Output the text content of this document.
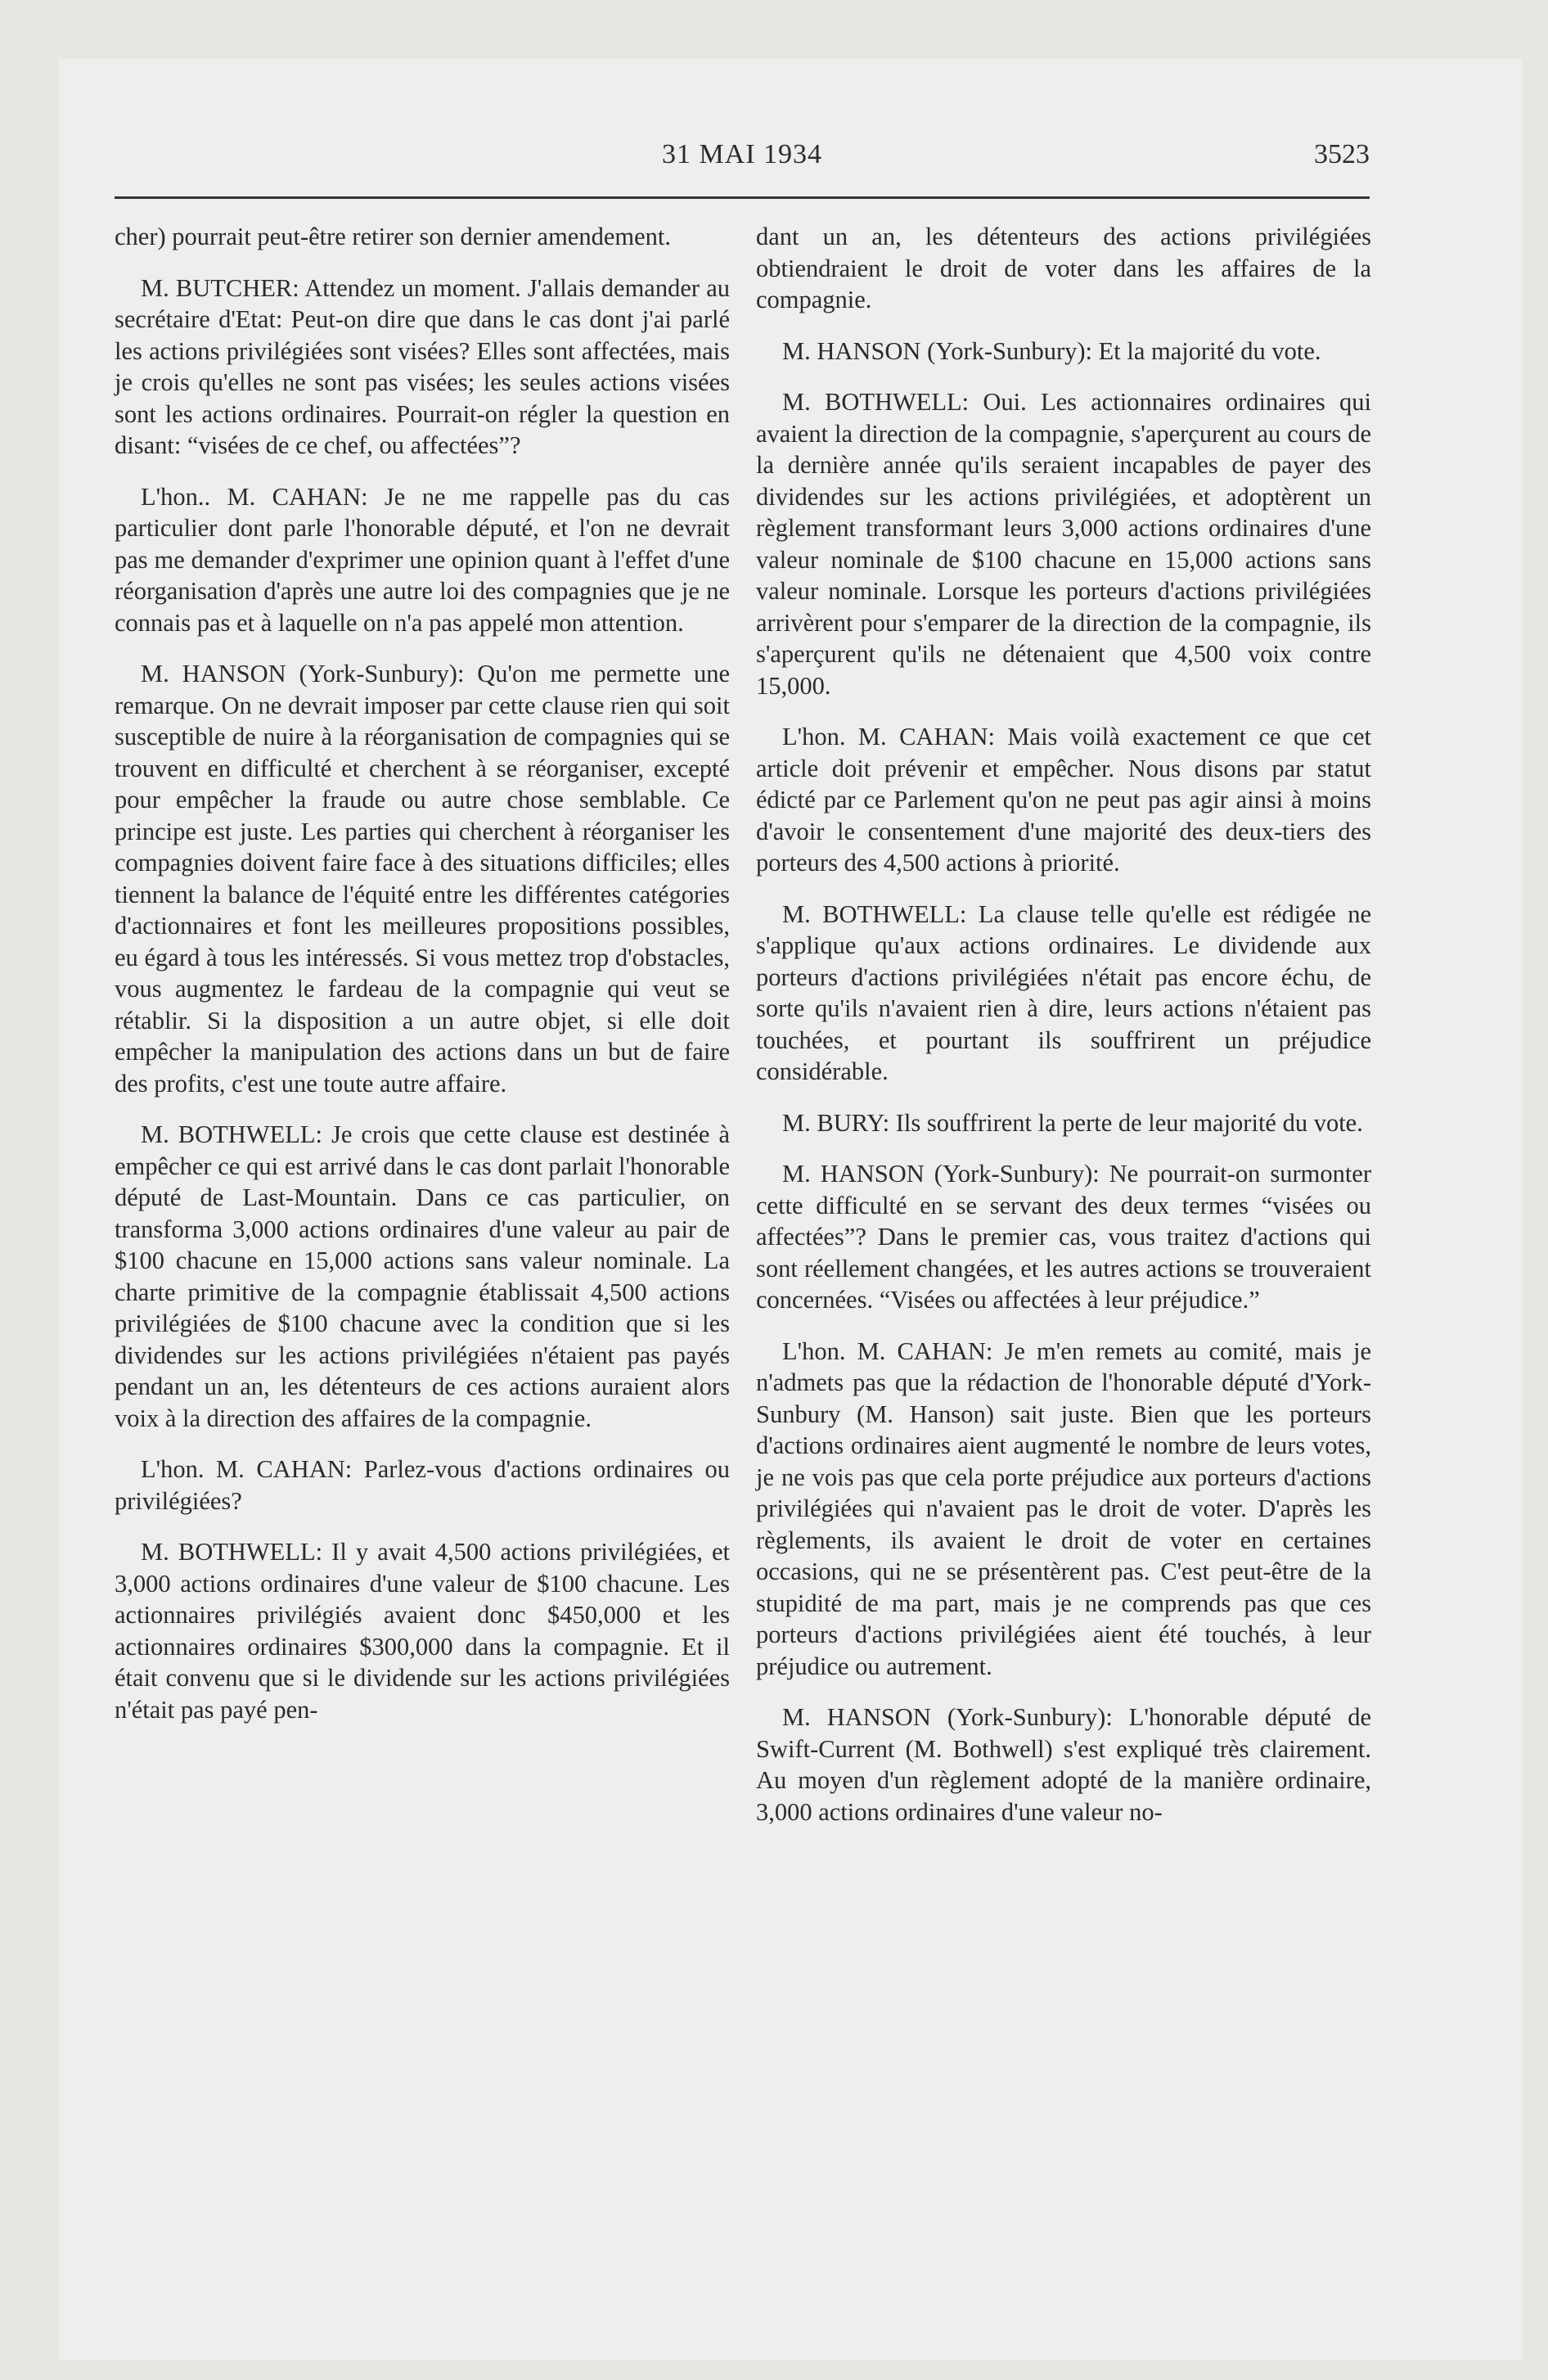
31 MAI 1934	3523

cher) pourrait peut-être retirer son dernier amendement.

M. BUTCHER: Attendez un moment. J'allais demander au secrétaire d'Etat: Peut-on dire que dans le cas dont j'ai parlé les actions privilégiées sont visées? Elles sont affectées, mais je crois qu'elles ne sont pas visées; les seules actions visées sont les actions ordinaires. Pourrait-on régler la question en disant: “visées de ce chef, ou affectées”?

L'hon.. M. CAHAN: Je ne me rappelle pas du cas particulier dont parle l'honorable député, et l'on ne devrait pas me demander d'exprimer une opinion quant à l'effet d'une réorganisation d'après une autre loi des compagnies que je ne connais pas et à laquelle on n'a pas appelé mon attention.

M. HANSON (York-Sunbury): Qu'on me permette une remarque. On ne devrait imposer par cette clause rien qui soit susceptible de nuire à la réorganisation de compagnies qui se trouvent en difficulté et cherchent à se réorganiser, excepté pour empêcher la fraude ou autre chose semblable. Ce principe est juste. Les parties qui cherchent à réorganiser les compagnies doivent faire face à des situations difficiles; elles tiennent la balance de l'équité entre les différentes catégories d'actionnaires et font les meilleures propositions possibles, eu égard à tous les intéressés. Si vous mettez trop d'obstacles, vous augmentez le fardeau de la compagnie qui veut se rétablir. Si la disposition a un autre objet, si elle doit empêcher la manipulation des actions dans un but de faire des profits, c'est une toute autre affaire.

M. BOTHWELL: Je crois que cette clause est destinée à empêcher ce qui est arrivé dans le cas dont parlait l'honorable député de Last-Mountain. Dans ce cas particulier, on transforma 3,000 actions ordinaires d'une valeur au pair de $100 chacune en 15,000 actions sans valeur nominale. La charte primitive de la compagnie établissait 4,500 actions privilégiées de $100 chacune avec la condition que si les dividendes sur les actions privilégiées n'étaient pas payés pendant un an, les détenteurs de ces actions auraient alors voix à la direction des affaires de la compagnie.

L'hon. M. CAHAN: Parlez-vous d'actions ordinaires ou privilégiées?

M. BOTHWELL: Il y avait 4,500 actions privilégiées, et 3,000 actions ordinaires d'une valeur de $100 chacune. Les actionnaires privilégiés avaient donc $450,000 et les actionnaires ordinaires $300,000 dans la compagnie. Et il était convenu que si le dividende sur les actions privilégiées n'était pas payé pen-

dant un an, les détenteurs des actions privilégiées obtiendraient le droit de voter dans les affaires de la compagnie.

M. HANSON (York-Sunbury): Et la majorité du vote.

M. BOTHWELL: Oui. Les actionnaires ordinaires qui avaient la direction de la compagnie, s'aperçurent au cours de la dernière année qu'ils seraient incapables de payer des dividendes sur les actions privilégiées, et adoptèrent un règlement transformant leurs 3,000 actions ordinaires d'une valeur nominale de $100 chacune en 15,000 actions sans valeur nominale. Lorsque les porteurs d'actions privilégiées arrivèrent pour s'emparer de la direction de la compagnie, ils s'aperçurent qu'ils ne détenaient que 4,500 voix contre 15,000.

L'hon. M. CAHAN: Mais voilà exactement ce que cet article doit prévenir et empêcher. Nous disons par statut édicté par ce Parlement qu'on ne peut pas agir ainsi à moins d'avoir le consentement d'une majorité des deux-tiers des porteurs des 4,500 actions à priorité.

M. BOTHWELL: La clause telle qu'elle est rédigée ne s'applique qu'aux actions ordinaires. Le dividende aux porteurs d'actions privilégiées n'était pas encore échu, de sorte qu'ils n'avaient rien à dire, leurs actions n'étaient pas touchées, et pourtant ils souffrirent un préjudice considérable.

M. BURY: Ils souffrirent la perte de leur majorité du vote.

M. HANSON (York-Sunbury): Ne pourrait-on surmonter cette difficulté en se servant des deux termes “visées ou affectées”? Dans le premier cas, vous traitez d'actions qui sont réellement changées, et les autres actions se trouveraient concernées. “Visées ou affectées à leur préjudice.”

L'hon. M. CAHAN: Je m'en remets au comité, mais je n'admets pas que la rédaction de l'honorable député d'York-Sunbury (M. Hanson) sait juste. Bien que les porteurs d'actions ordinaires aient augmenté le nombre de leurs votes, je ne vois pas que cela porte préjudice aux porteurs d'actions privilégiées qui n'avaient pas le droit de voter. D'après les règlements, ils avaient le droit de voter en certaines occasions, qui ne se présentèrent pas. C'est peut-être de la stupidité de ma part, mais je ne comprends pas que ces porteurs d'actions privilégiées aient été touchés, à leur préjudice ou autrement.

M. HANSON (York-Sunbury): L'honorable député de Swift-Current (M. Bothwell) s'est expliqué très clairement. Au moyen d'un règlement adopté de la manière ordinaire, 3,000 actions ordinaires d'une valeur no-
